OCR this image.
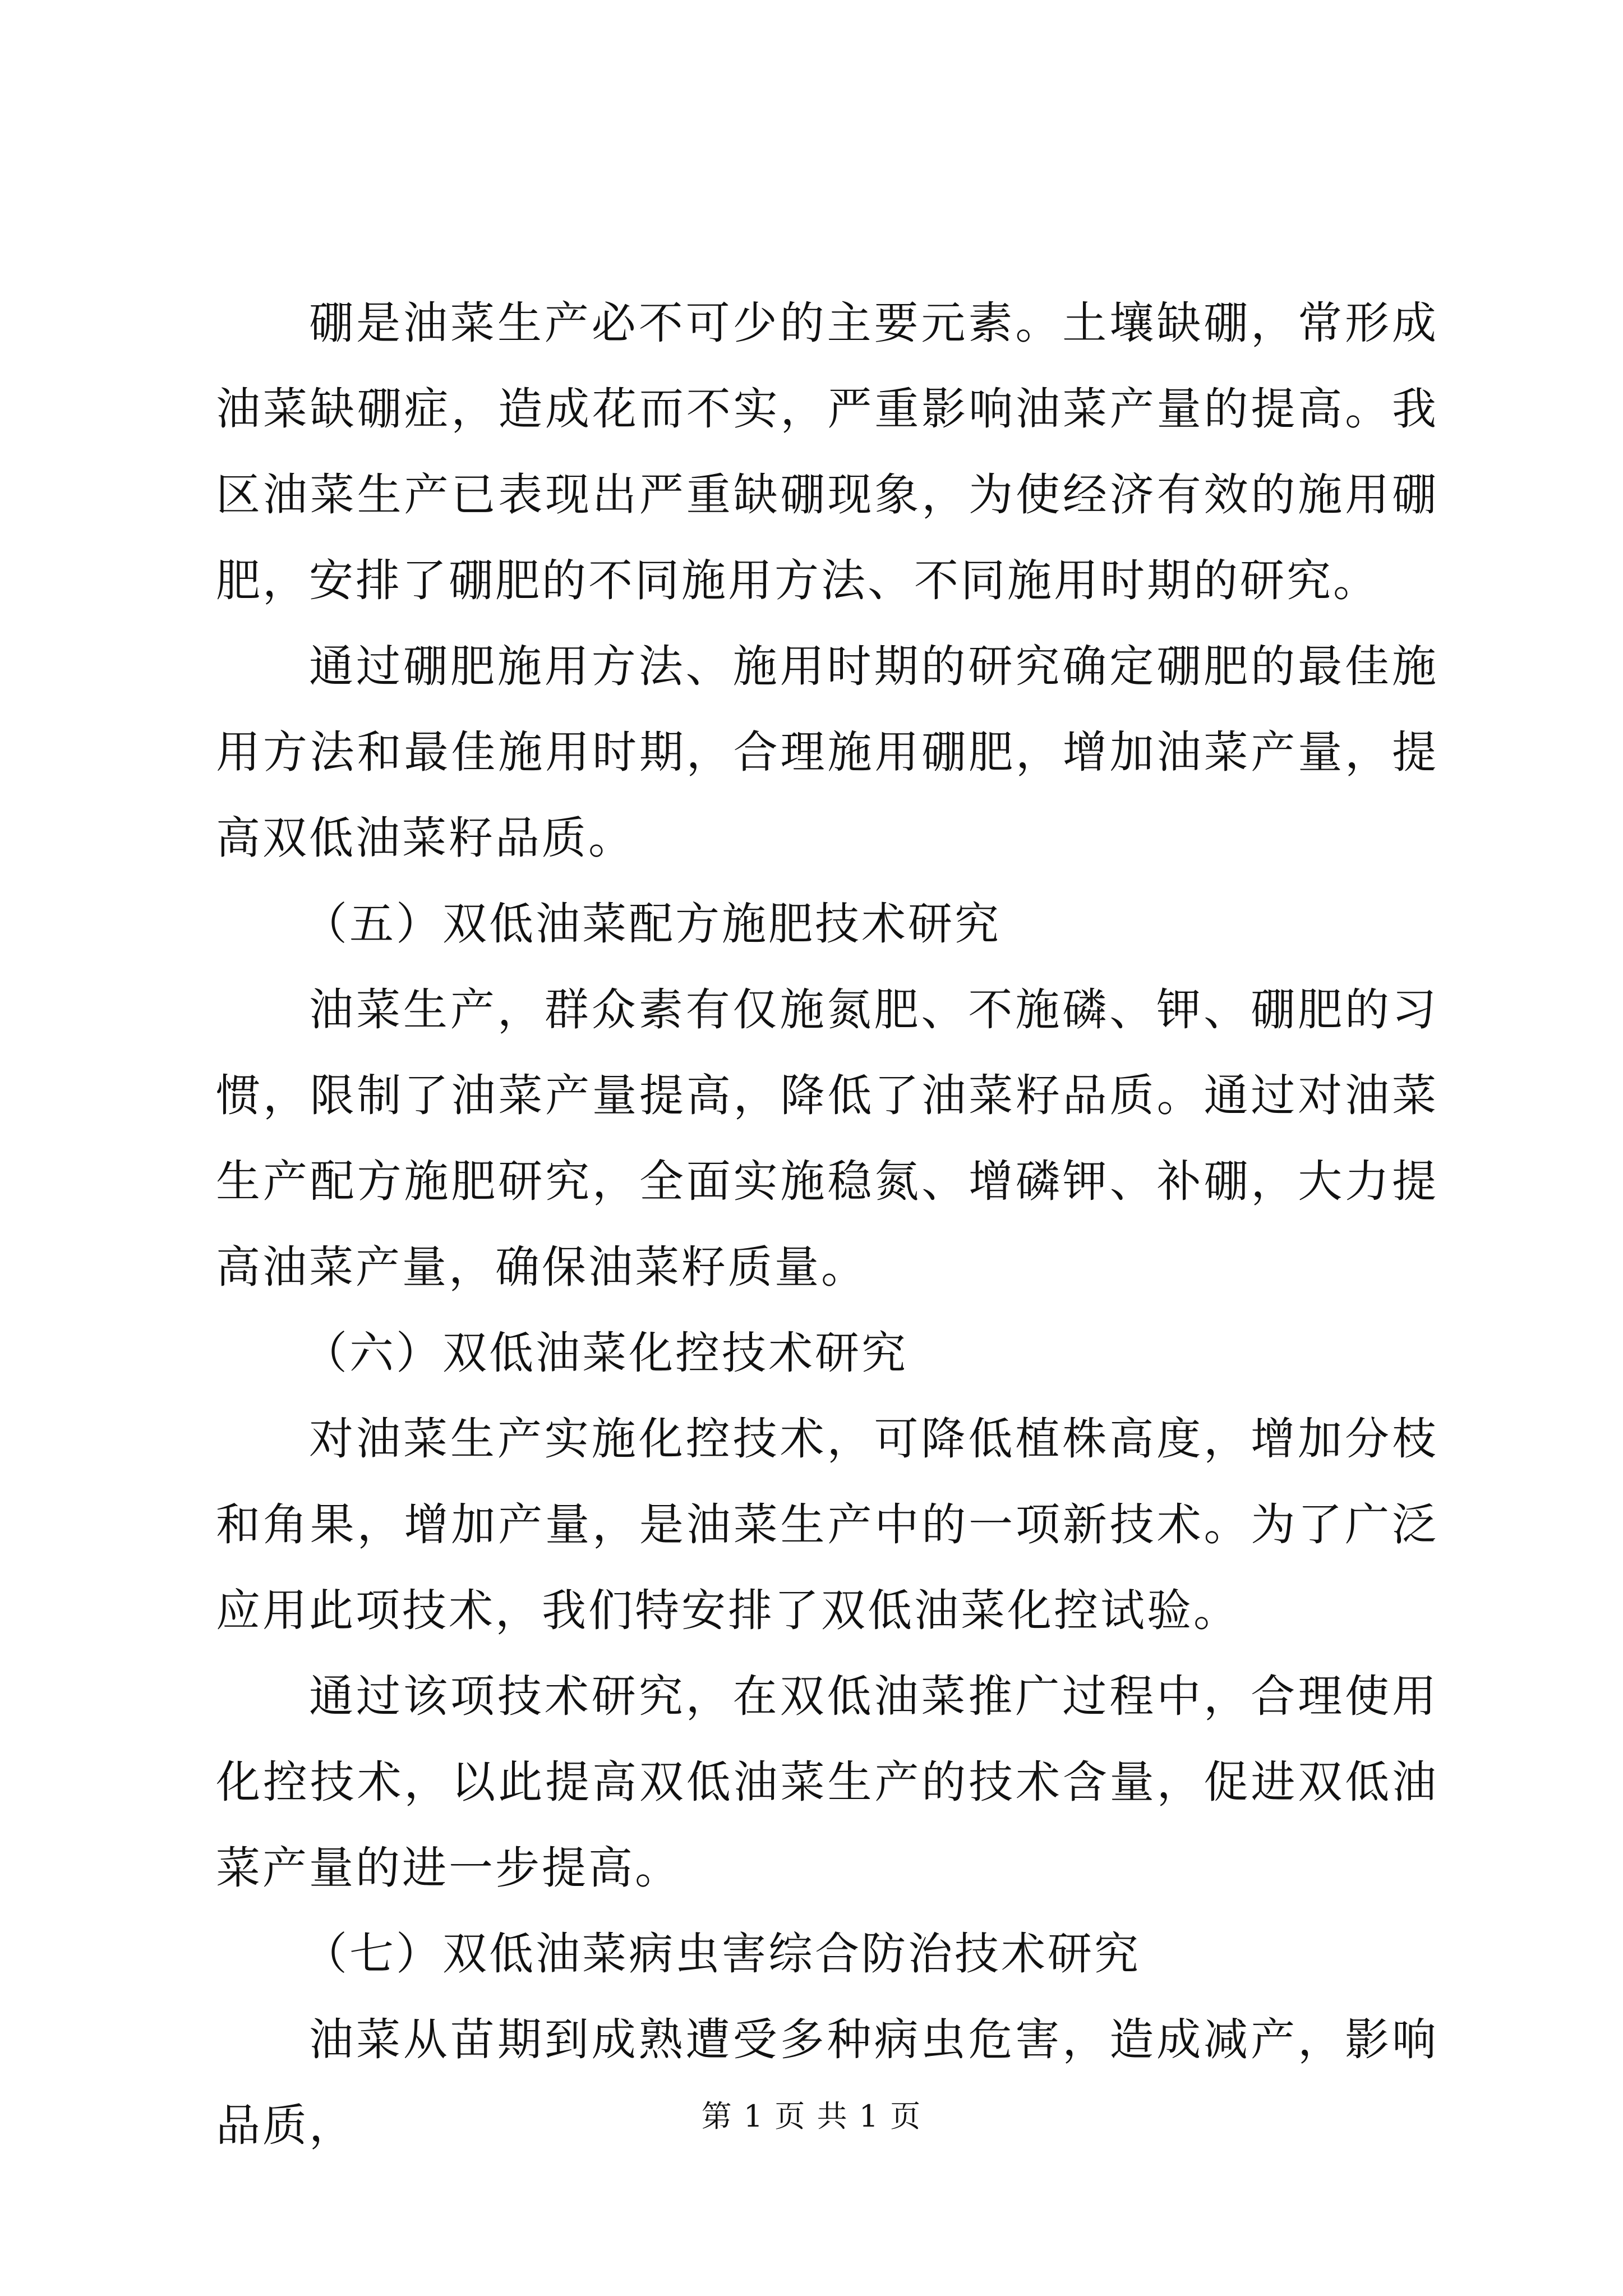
硼是油菜生产必不可少的主要元素。土壤缺硼，常形成油菜缺硼症，造成花而不实，严重影响油菜产量的提高。我区油菜生产已表现出严重缺硼现象，为使经济有效的施用硼肥，安排了硼肥的不同施用方法、不同施用时期的研究。

通过硼肥施用方法、施用时期的研究确定硼肥的最佳施用方法和最佳施用时期，合理施用硼肥，增加油菜产量，提高双低油菜籽品质。

（五）双低油菜配方施肥技术研究

油菜生产，群众素有仅施氮肥、不施磷、钾、硼肥的习惯，限制了油菜产量提高，降低了油菜籽品质。通过对油菜生产配方施肥研究，全面实施稳氮、增磷钾、补硼，大力提高油菜产量，确保油菜籽质量。

（六）双低油菜化控技术研究

对油菜生产实施化控技术，可降低植株高度，增加分枝和角果，增加产量，是油菜生产中的一项新技术。为了广泛应用此项技术，我们特安排了双低油菜化控试验。

通过该项技术研究，在双低油菜推广过程中，合理使用化控技术，以此提高双低油菜生产的技术含量，促进双低油菜产量的进一步提高。

（七）双低油菜病虫害综合防治技术研究

油菜从苗期到成熟遭受多种病虫危害，造成减产，影响品质，	第 1 页 共 1 页
